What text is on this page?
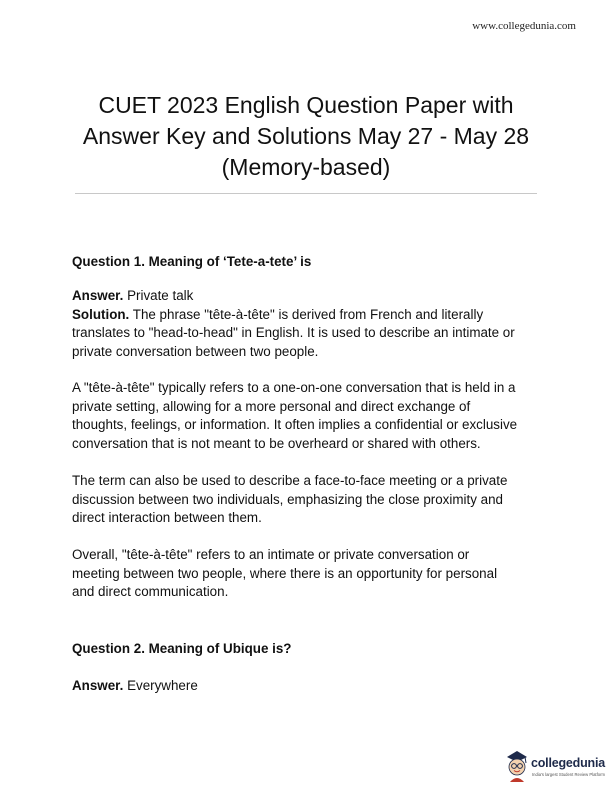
www.collegedunia.com
CUET 2023 English Question Paper with
Answer Key and Solutions May 27 - May 28
(Memory-based)
Question 1. Meaning of ‘Tete-a-tete’ is
Answer. Private talk
Solution. The phrase "tête-à-tête" is derived from French and literally
translates to "head-to-head" in English. It is used to describe an intimate or
private conversation between two people.
A "tête-à-tête" typically refers to a one-on-one conversation that is held in a
private setting, allowing for a more personal and direct exchange of
thoughts, feelings, or information. It often implies a confidential or exclusive
conversation that is not meant to be overheard or shared with others.
The term can also be used to describe a face-to-face meeting or a private
discussion between two individuals, emphasizing the close proximity and
direct interaction between them.
Overall, "tête-à-tête" refers to an intimate or private conversation or
meeting between two people, where there is an opportunity for personal
and direct communication.
Question 2. Meaning of Ubique is?
Answer. Everywhere
collegedunia
India's largest Student Review Platform
